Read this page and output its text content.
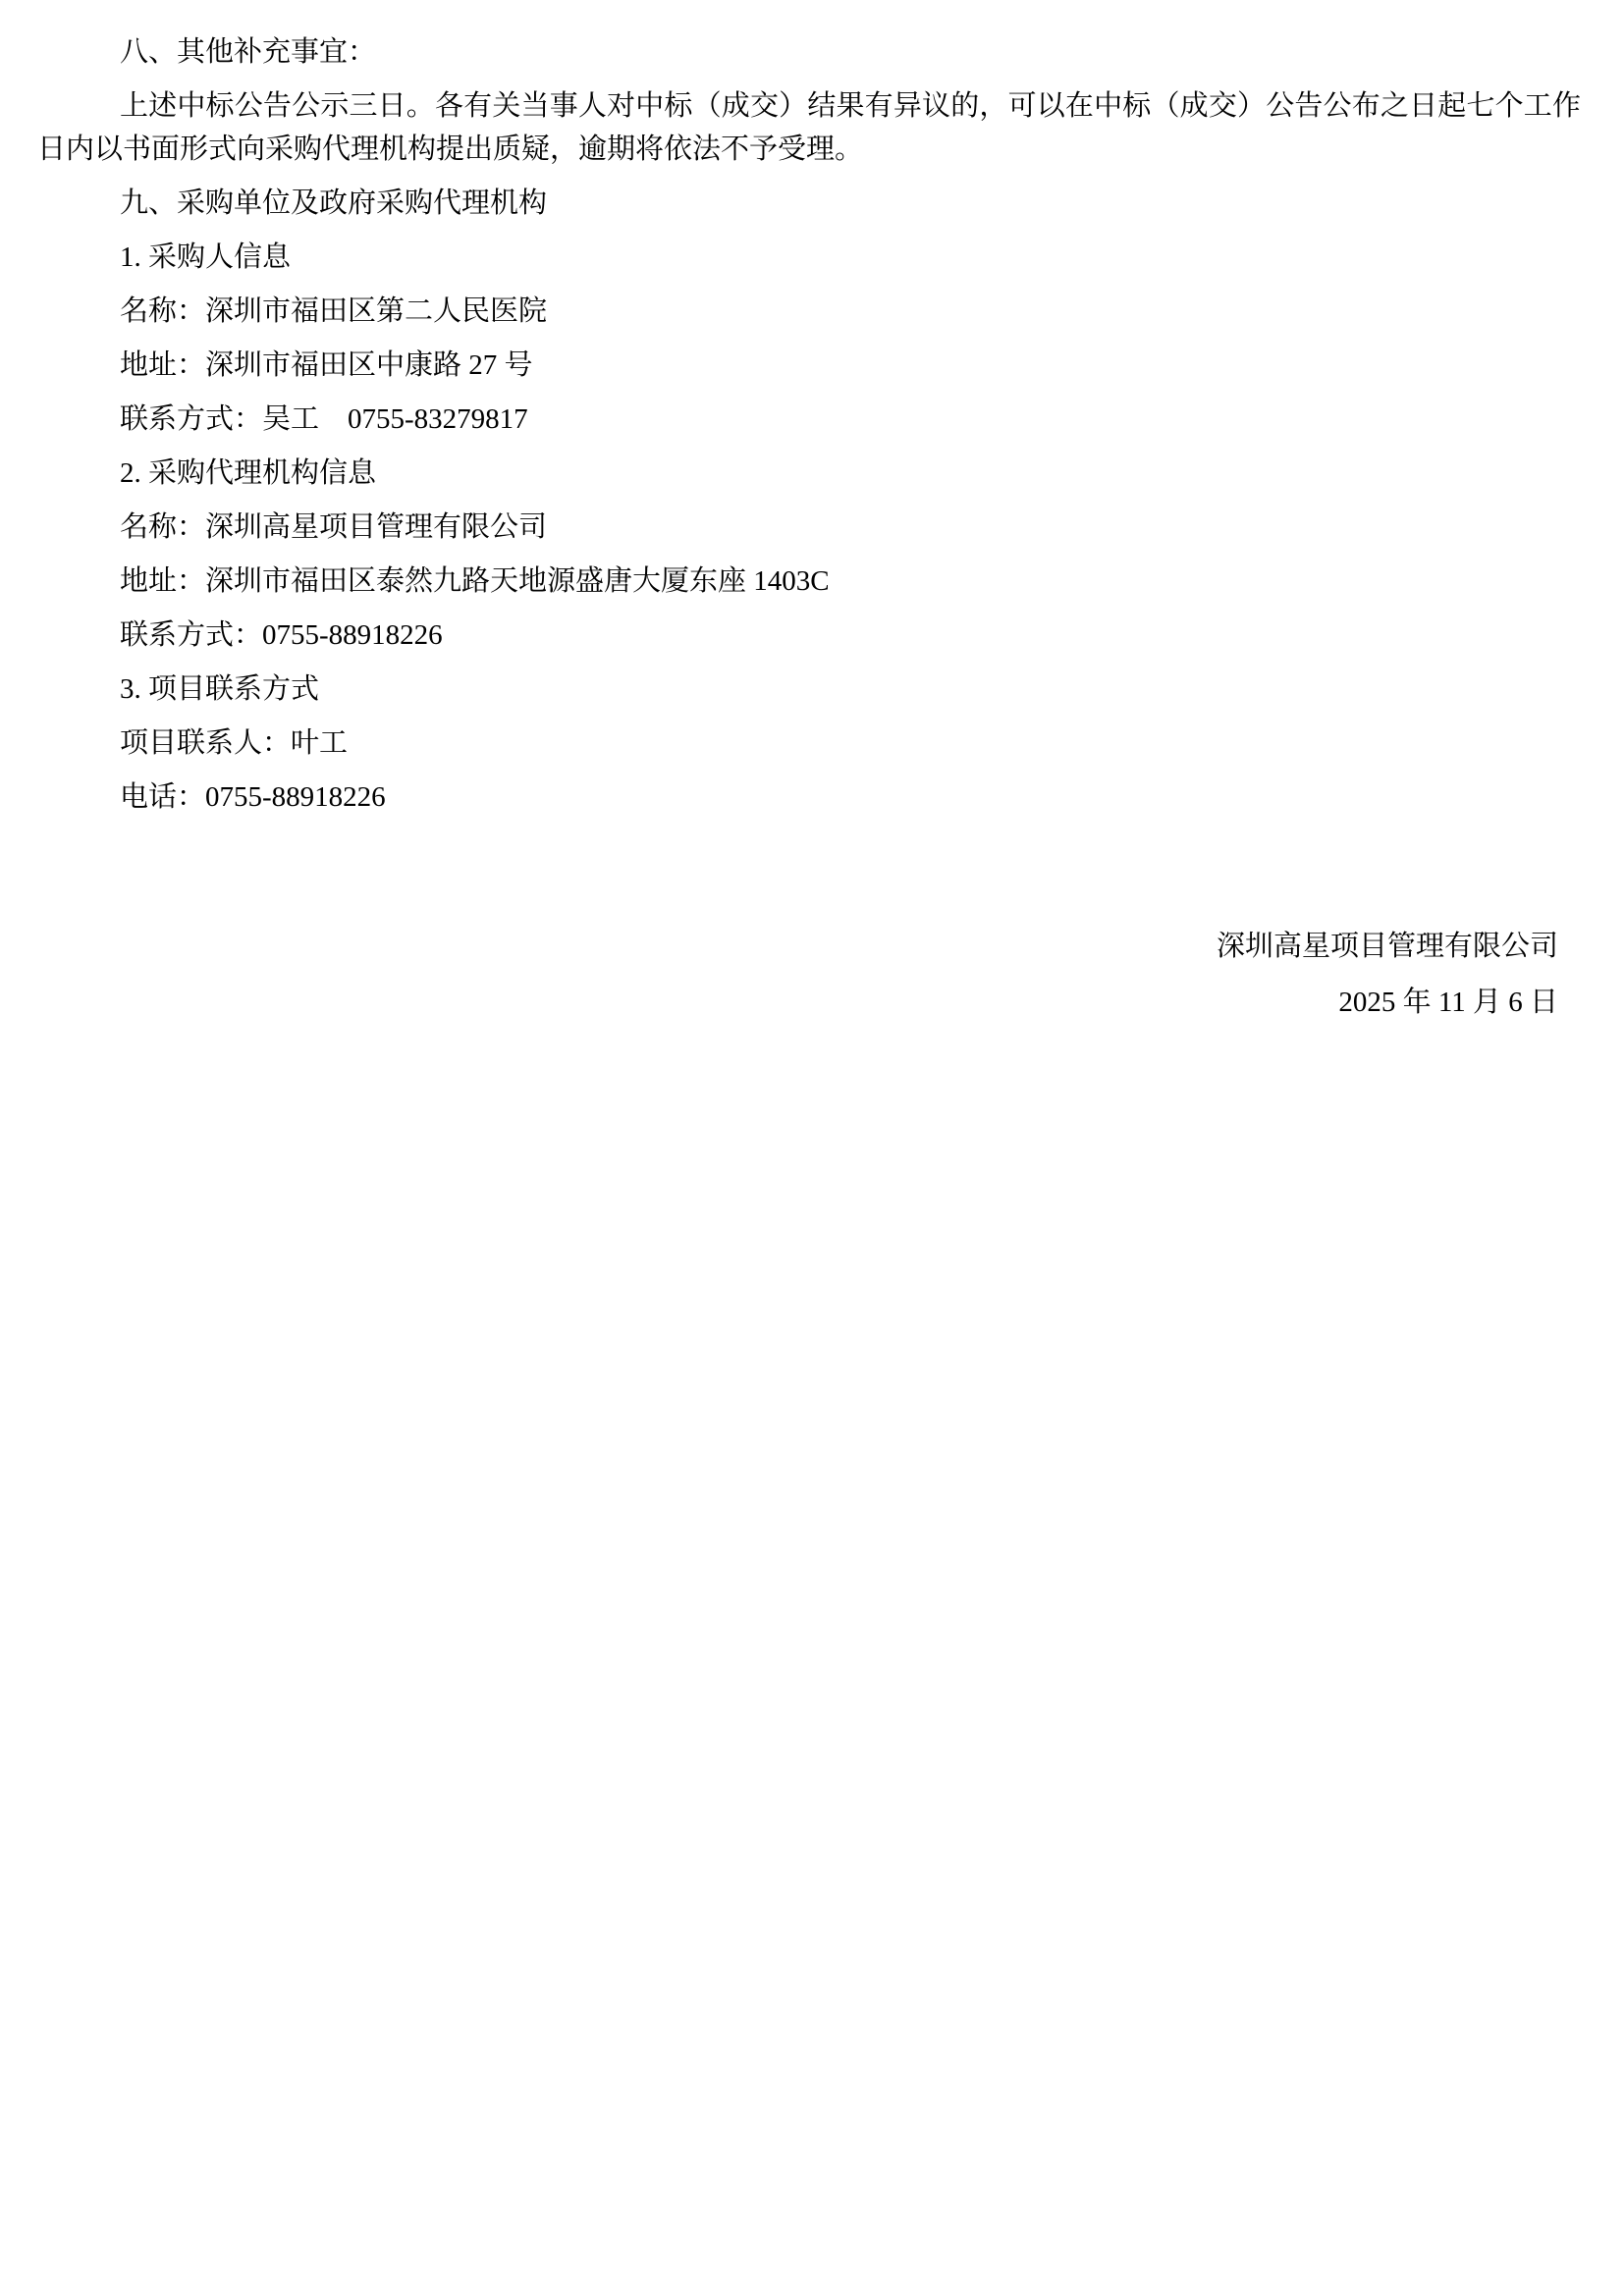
八、其他补充事宜：

上述中标公告公示三日。各有关当事人对中标（成交）结果有异议的，可以在中标（成交）公告公布之日起七个工作日内以书面形式向采购代理机构提出质疑，逾期将依法不予受理。

九、采购单位及政府采购代理机构

1. 采购人信息

名称：深圳市福田区第二人民医院

地址：深圳市福田区中康路 27 号

联系方式：吴工　0755-83279817

2. 采购代理机构信息

名称：深圳高星项目管理有限公司

地址：深圳市福田区泰然九路天地源盛唐大厦东座 1403C

联系方式：0755-88918226

3. 项目联系方式

项目联系人：叶工

电话：0755-88918226

深圳高星项目管理有限公司

2025 年 11 月 6 日
